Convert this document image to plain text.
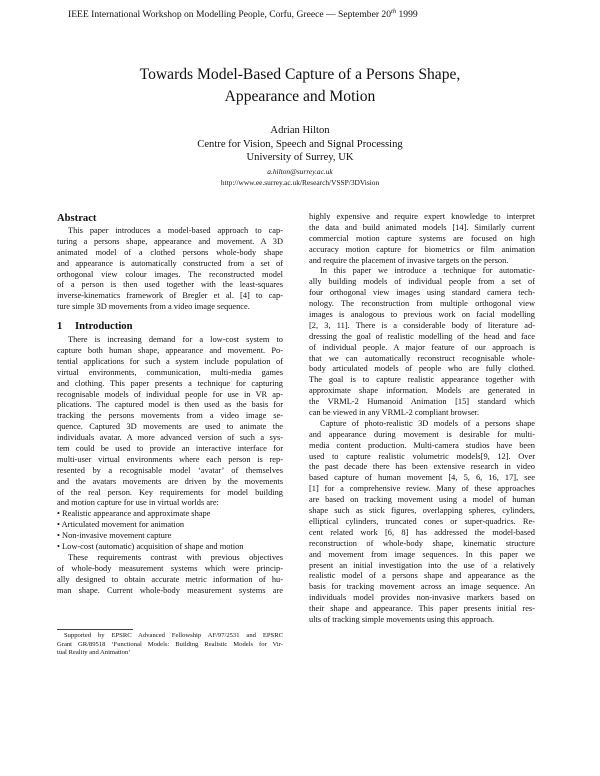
IEEE International Workshop on Modelling People, Corfu, Greece — September 20th 1999
Towards Model-Based Capture of a Persons Shape,
Appearance and Motion
Adrian Hilton
Centre for Vision, Speech and Signal Processing
University of Surrey, UK
a.hilton@surrey.ac.uk
http://www.ee.surrey.ac.uk/Research/VSSP/3DVision
Abstract
This paper introduces a model-based approach to cap-
turing a persons shape, appearance and movement. A 3D
animated model of a clothed persons whole-body shape
and appearance is automatically constructed from a set of
orthogonal view colour images. The reconstructed model
of a person is then used together with the least-squares
inverse-kinematics framework of Bregler et al. [4] to cap-
ture simple 3D movements from a video image sequence.
1 Introduction
There is increasing demand for a low-cost system to
capture both human shape, appearance and movement. Po-
tential applications for such a system include population of
virtual environments, communication, multi-media games
and clothing. This paper presents a technique for capturing
recognisable models of individual people for use in VR ap-
plications. The captured model is then used as the basis for
tracking the persons movements from a video image se-
quence. Captured 3D movements are used to animate the
individuals avatar. A more advanced version of such a sys-
tem could be used to provide an interactive interface for
multi-user virtual environments where each person is rep-
resented by a recognisable model ‘avatar’ of themselves
and the avatars movements are driven by the movements
of the real person. Key requirements for model building
and motion capture for use in virtual worlds are:
• Realistic appearance and approximate shape
• Articulated movement for animation
• Non-invasive movement capture
• Low-cost (automatic) acquisition of shape and motion
These requirements contrast with previous objectives
of whole-body measurement systems which were princip-
ally designed to obtain accurate metric information of hu-
man shape. Current whole-body measurement systems are
Supported by EPSRC Advanced Fellowship AF/97/2531 and EPSRC
Grant GR/89518 ‘Functional Models: Building Realistic Models for Vir-
tual Reality and Animation’
highly expensive and require expert knowledge to interpret
the data and build animated models [14]. Similarly current
commercial motion capture systems are focused on high
accuracy motion capture for biometrics or film animation
and require the placement of invasive targets on the person.
In this paper we introduce a technique for automatic-
ally building models of individual people from a set of
four orthogonal view images using standard camera tech-
nology. The reconstruction from multiple orthogonal view
images is analogous to previous work on facial modelling
[2, 3, 11]. There is a considerable body of literature ad-
dressing the goal of realistic modelling of the head and face
of individual people. A major feature of our approach is
that we can automatically reconstruct recognisable whole-
body articulated models of people who are fully clothed.
The goal is to capture realistic appearance together with
approximate shape information. Models are generated in
the VRML-2 Humanoid Animation [15] standard which
can be viewed in any VRML-2 compliant browser.
Capture of photo-realistic 3D models of a persons shape
and appearance during movement is desirable for multi-
media content production. Multi-camera studios have been
used to capture realistic volumetric models[9, 12]. Over
the past decade there has been extensive research in video
based capture of human movement [4, 5, 6, 16, 17], see
[1] for a comprehensive review. Many of these approaches
are based on tracking movement using a model of human
shape such as stick figures, overlapping spheres, cylinders,
elliptical cylinders, truncated cones or super-quadrics. Re-
cent related work [6, 8] has addressed the model-based
reconstruction of whole-body shape, kinematic structure
and movement from image sequences. In this paper we
present an initial investigation into the use of a relatively
realistic model of a persons shape and appearance as the
basis for tracking movement across an image sequence. An
individuals model provides non-invasive markers based on
their shape and appearance. This paper presents initial res-
ults of tracking simple movements using this approach.
